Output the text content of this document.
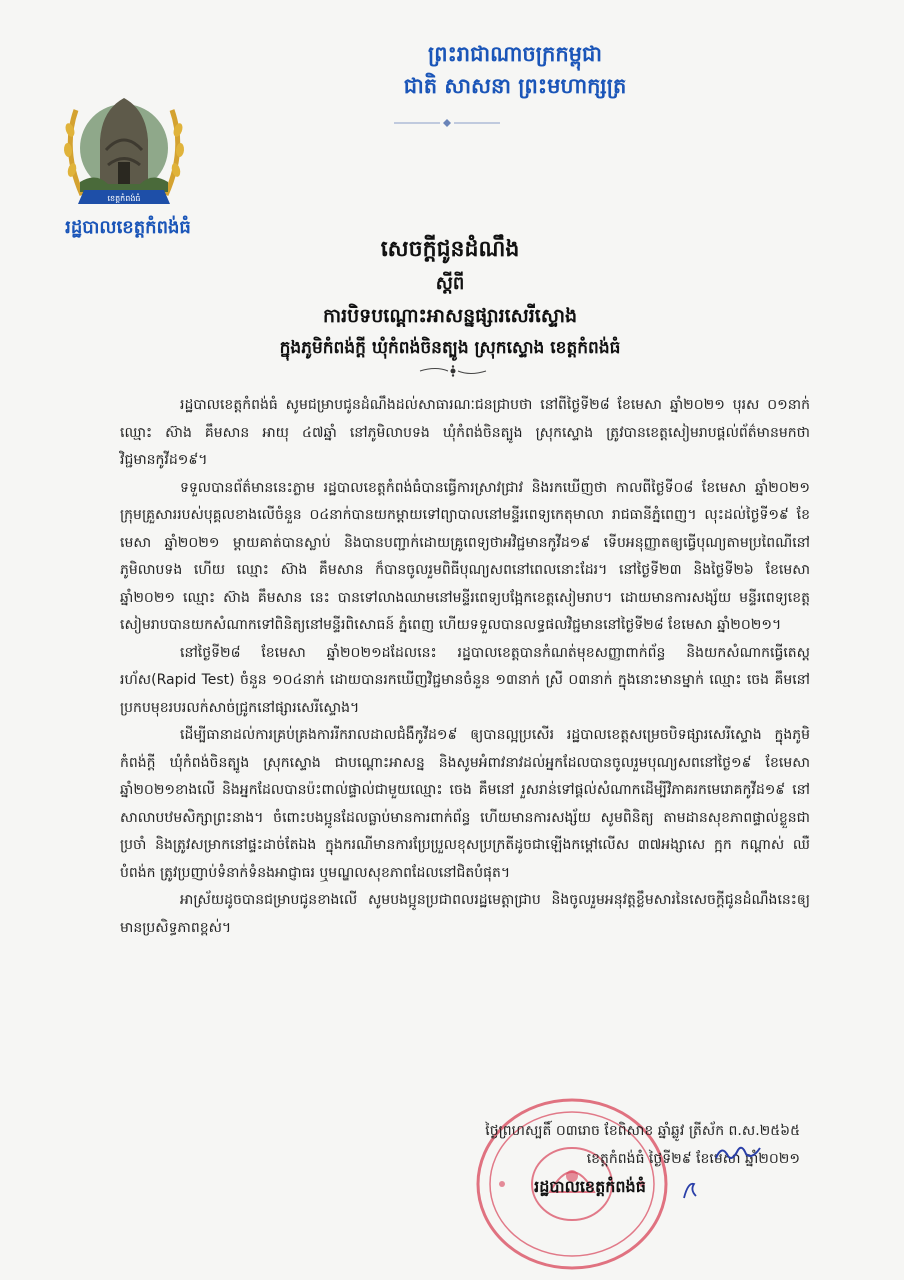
ព្រះរាជាណាចក្រកម្ពុជា
ជាតិ សាសនា ព្រះមហាក្សត្រ
ខេត្តកំពង់ធំ
រដ្ឋបាលខេត្តកំពង់ធំ
សេចក្តីជូនដំណឹង
ស្តីពី
ការបិទបណ្តោះអាសន្នផ្សារសេរីស្ទោង
ក្នុងភូមិកំពង់ក្តី ឃុំកំពង់ចិនត្បូង ស្រុកស្ទោង ខេត្តកំពង់ធំ

រដ្ឋបាលខេត្តកំពង់ធំ សូមជម្រាបជូនដំណឹងដល់សាធារណៈជនជ្រាបថា នៅពីថ្ងៃទី២៨ ខែមេសា ឆ្នាំ២០២១ បុរស ០១នាក់ ឈ្មោះ ស៊ាង គឹមសាន អាយុ ៤៧ឆ្នាំ នៅភូមិលាបទង ឃុំកំពង់ចិនត្បូង ស្រុកស្ទោង ត្រូវបានខេត្តសៀមរាបផ្តល់ព័ត៌មានមកថាវិជ្ជមានកូវីដ១៩។

ទទួលបានព័ត៌មាននេះភ្លាម រដ្ឋបាលខេត្តកំពង់ធំបានធ្វើការស្រាវជ្រាវ និងរកឃើញថា កាលពីថ្ងៃទី០៨ ខែមេសា ឆ្នាំ២០២១ ក្រុមគ្រួសាររបស់បុគ្គលខាងលើចំនួន ០៤នាក់បានយកម្តាយទៅព្យាបាលនៅមន្ទីរពេទ្យកេតុមាលា រាជធានីភ្នំពេញ។ លុះដល់ថ្ងៃទី១៩ ខែមេសា ឆ្នាំ២០២១ ម្តាយគាត់បានស្លាប់ និងបានបញ្ជាក់ដោយគ្រូពេទ្យថាអវិជ្ជមានកូវីដ១៩ ទើបអនុញ្ញាតឲ្យធ្វើបុណ្យតាមប្រពៃណីនៅភូមិលាបទង ហើយ ឈ្មោះ ស៊ាង គឹមសាន ក៏បានចូលរួមពិធីបុណ្យសពនៅពេលនោះដែរ។ នៅថ្ងៃទី២៣ និងថ្ងៃទី២៦ ខែមេសា ឆ្នាំ២០២១ ឈ្មោះ ស៊ាង គឹមសាន នេះ បានទៅលាងឈាមនៅមន្ទីរពេទ្យបង្អែកខេត្តសៀមរាប។ ដោយមានការសង្ស័យ មន្ទីរពេទ្យខេត្តសៀមរាបបានយកសំណាកទៅពិនិត្យនៅមន្ទីរពិសោធន៍ ភ្នំពេញ ហើយទទួលបានលទ្ធផលវិជ្ជមាននៅថ្ងៃទី២៨ ខែមេសា ឆ្នាំ២០២១។

នៅថ្ងៃទី២៨ ខែមេសា ឆ្នាំ២០២១ដដែលនេះ រដ្ឋបាលខេត្តបានកំណត់មុខសញ្ញាពាក់ព័ន្ធ និងយកសំណាកធ្វើតេស្តរហ័ស(Rapid Test) ចំនួន ១០៤នាក់ ដោយបានរកឃើញវិជ្ជមានចំនួន ១៣នាក់ ស្រី ០៣នាក់ ក្នុងនោះមានម្នាក់ ឈ្មោះ ចេង គឹមនៅ ប្រកបមុខរបរលក់សាច់ជ្រូកនៅផ្សារសេរីស្ទោង។

ដើម្បីធានាដល់ការគ្រប់គ្រងការរីករាលដាលជំងឺកូវីដ១៩ ឲ្យបានល្អប្រសើរ រដ្ឋបាលខេត្តសម្រេចបិទផ្សារសេរីស្ទោង ក្នុងភូមិកំពង់ក្តី ឃុំកំពង់ចិនត្បូង ស្រុកស្ទោង ជាបណ្តោះអាសន្ន និងសូមអំពាវនាវដល់អ្នកដែលបានចូលរួមបុណ្យសពនៅថ្ងៃ១៩ ខែមេសា ឆ្នាំ២០២១ខាងលើ និងអ្នកដែលបានប៉ះពាល់ផ្ទាល់ជាមួយឈ្មោះ ចេង គឹមនៅ រួសរាន់ទៅផ្តល់សំណាកដើម្បីវិភាគរកមេរោគកូវីដ១៩ នៅសាលាបឋមសិក្សាព្រះនាង។ ចំពោះបងប្អូនដែលធ្លាប់មានការពាក់ព័ន្ធ ហើយមានការសង្ស័យ សូមពិនិត្យ តាមដានសុខភាពផ្ទាល់ខ្លួនជាប្រចាំ និងត្រូវសម្រាកនៅផ្ទះដាច់តែឯង ក្នុងករណីមានការប្រែប្រួលខុសប្រក្រតីដូចជាឡើងកម្តៅលើស ៣៧អង្សាសេ ក្អក កណ្តាស់ ឈឺបំពង់ក ត្រូវប្រញាប់ទំនាក់ទំនងអាជ្ញាធរ ឬមណ្ឌលសុខភាពដែលនៅជិតបំផុត។

អាស្រ័យដូចបានជម្រាបជូនខាងលើ សូមបងប្អូនប្រជាពលរដ្ឋមេត្តាជ្រាប និងចូលរួមអនុវត្តខ្លឹមសារនៃសេចក្តីជូនដំណឹងនេះឲ្យមានប្រសិទ្ធភាពខ្ពស់។

ថ្ងៃព្រហស្បតិ៍ ០៣រោច ខែពិសាខ ឆ្នាំឆ្លូវ ត្រីស័ក ព.ស.២៥៦៥
ខេត្តកំពង់ធំ ថ្ងៃទី២៩ ខែមេសា ឆ្នាំ២០២១
រដ្ឋបាលខេត្តកំពង់ធំ
